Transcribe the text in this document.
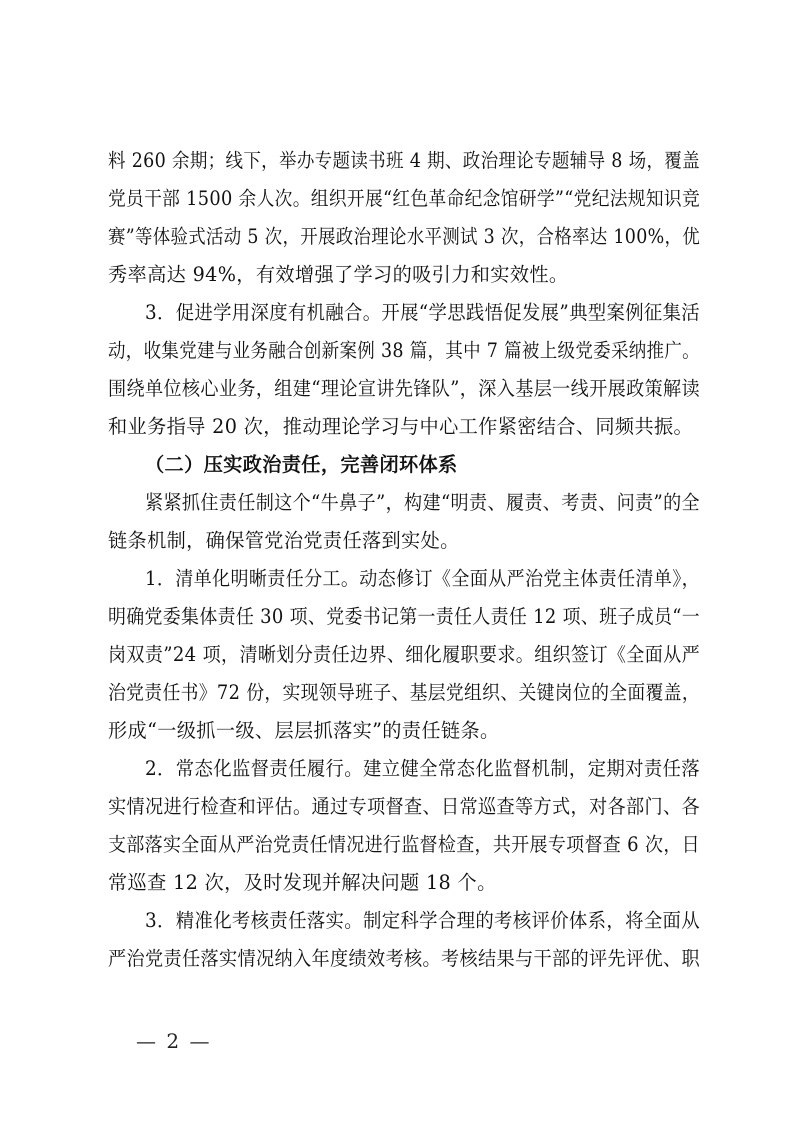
料 260 余期；线下，举办专题读书班 4 期、政治理论专题辅导 8 场，覆盖
党员干部 1500 余人次。组织开展“红色革命纪念馆研学”“党纪法规知识竞
赛”等体验式活动 5 次，开展政治理论水平测试 3 次，合格率达 100%，优
秀率高达 94%，有效增强了学习的吸引力和实效性。
3．促进学用深度有机融合。开展“学思践悟促发展”典型案例征集活
动，收集党建与业务融合创新案例 38 篇，其中 7 篇被上级党委采纳推广。
围绕单位核心业务，组建“理论宣讲先锋队”，深入基层一线开展政策解读
和业务指导 20 次，推动理论学习与中心工作紧密结合、同频共振。
（二）压实政治责任，完善闭环体系
紧紧抓住责任制这个“牛鼻子”，构建“明责、履责、考责、问责”的全
链条机制，确保管党治党责任落到实处。
1．清单化明晰责任分工。动态修订《全面从严治党主体责任清单》，
明确党委集体责任 30 项、党委书记第一责任人责任 12 项、班子成员“一
岗双责”24 项，清晰划分责任边界、细化履职要求。组织签订《全面从严
治党责任书》72 份，实现领导班子、基层党组织、关键岗位的全面覆盖，
形成“一级抓一级、层层抓落实”的责任链条。
2．常态化监督责任履行。建立健全常态化监督机制，定期对责任落
实情况进行检查和评估。通过专项督查、日常巡查等方式，对各部门、各
支部落实全面从严治党责任情况进行监督检查，共开展专项督查 6 次，日
常巡查 12 次，及时发现并解决问题 18 个。
3．精准化考核责任落实。制定科学合理的考核评价体系，将全面从
严治党责任落实情况纳入年度绩效考核。考核结果与干部的评先评优、职
— 2 —
